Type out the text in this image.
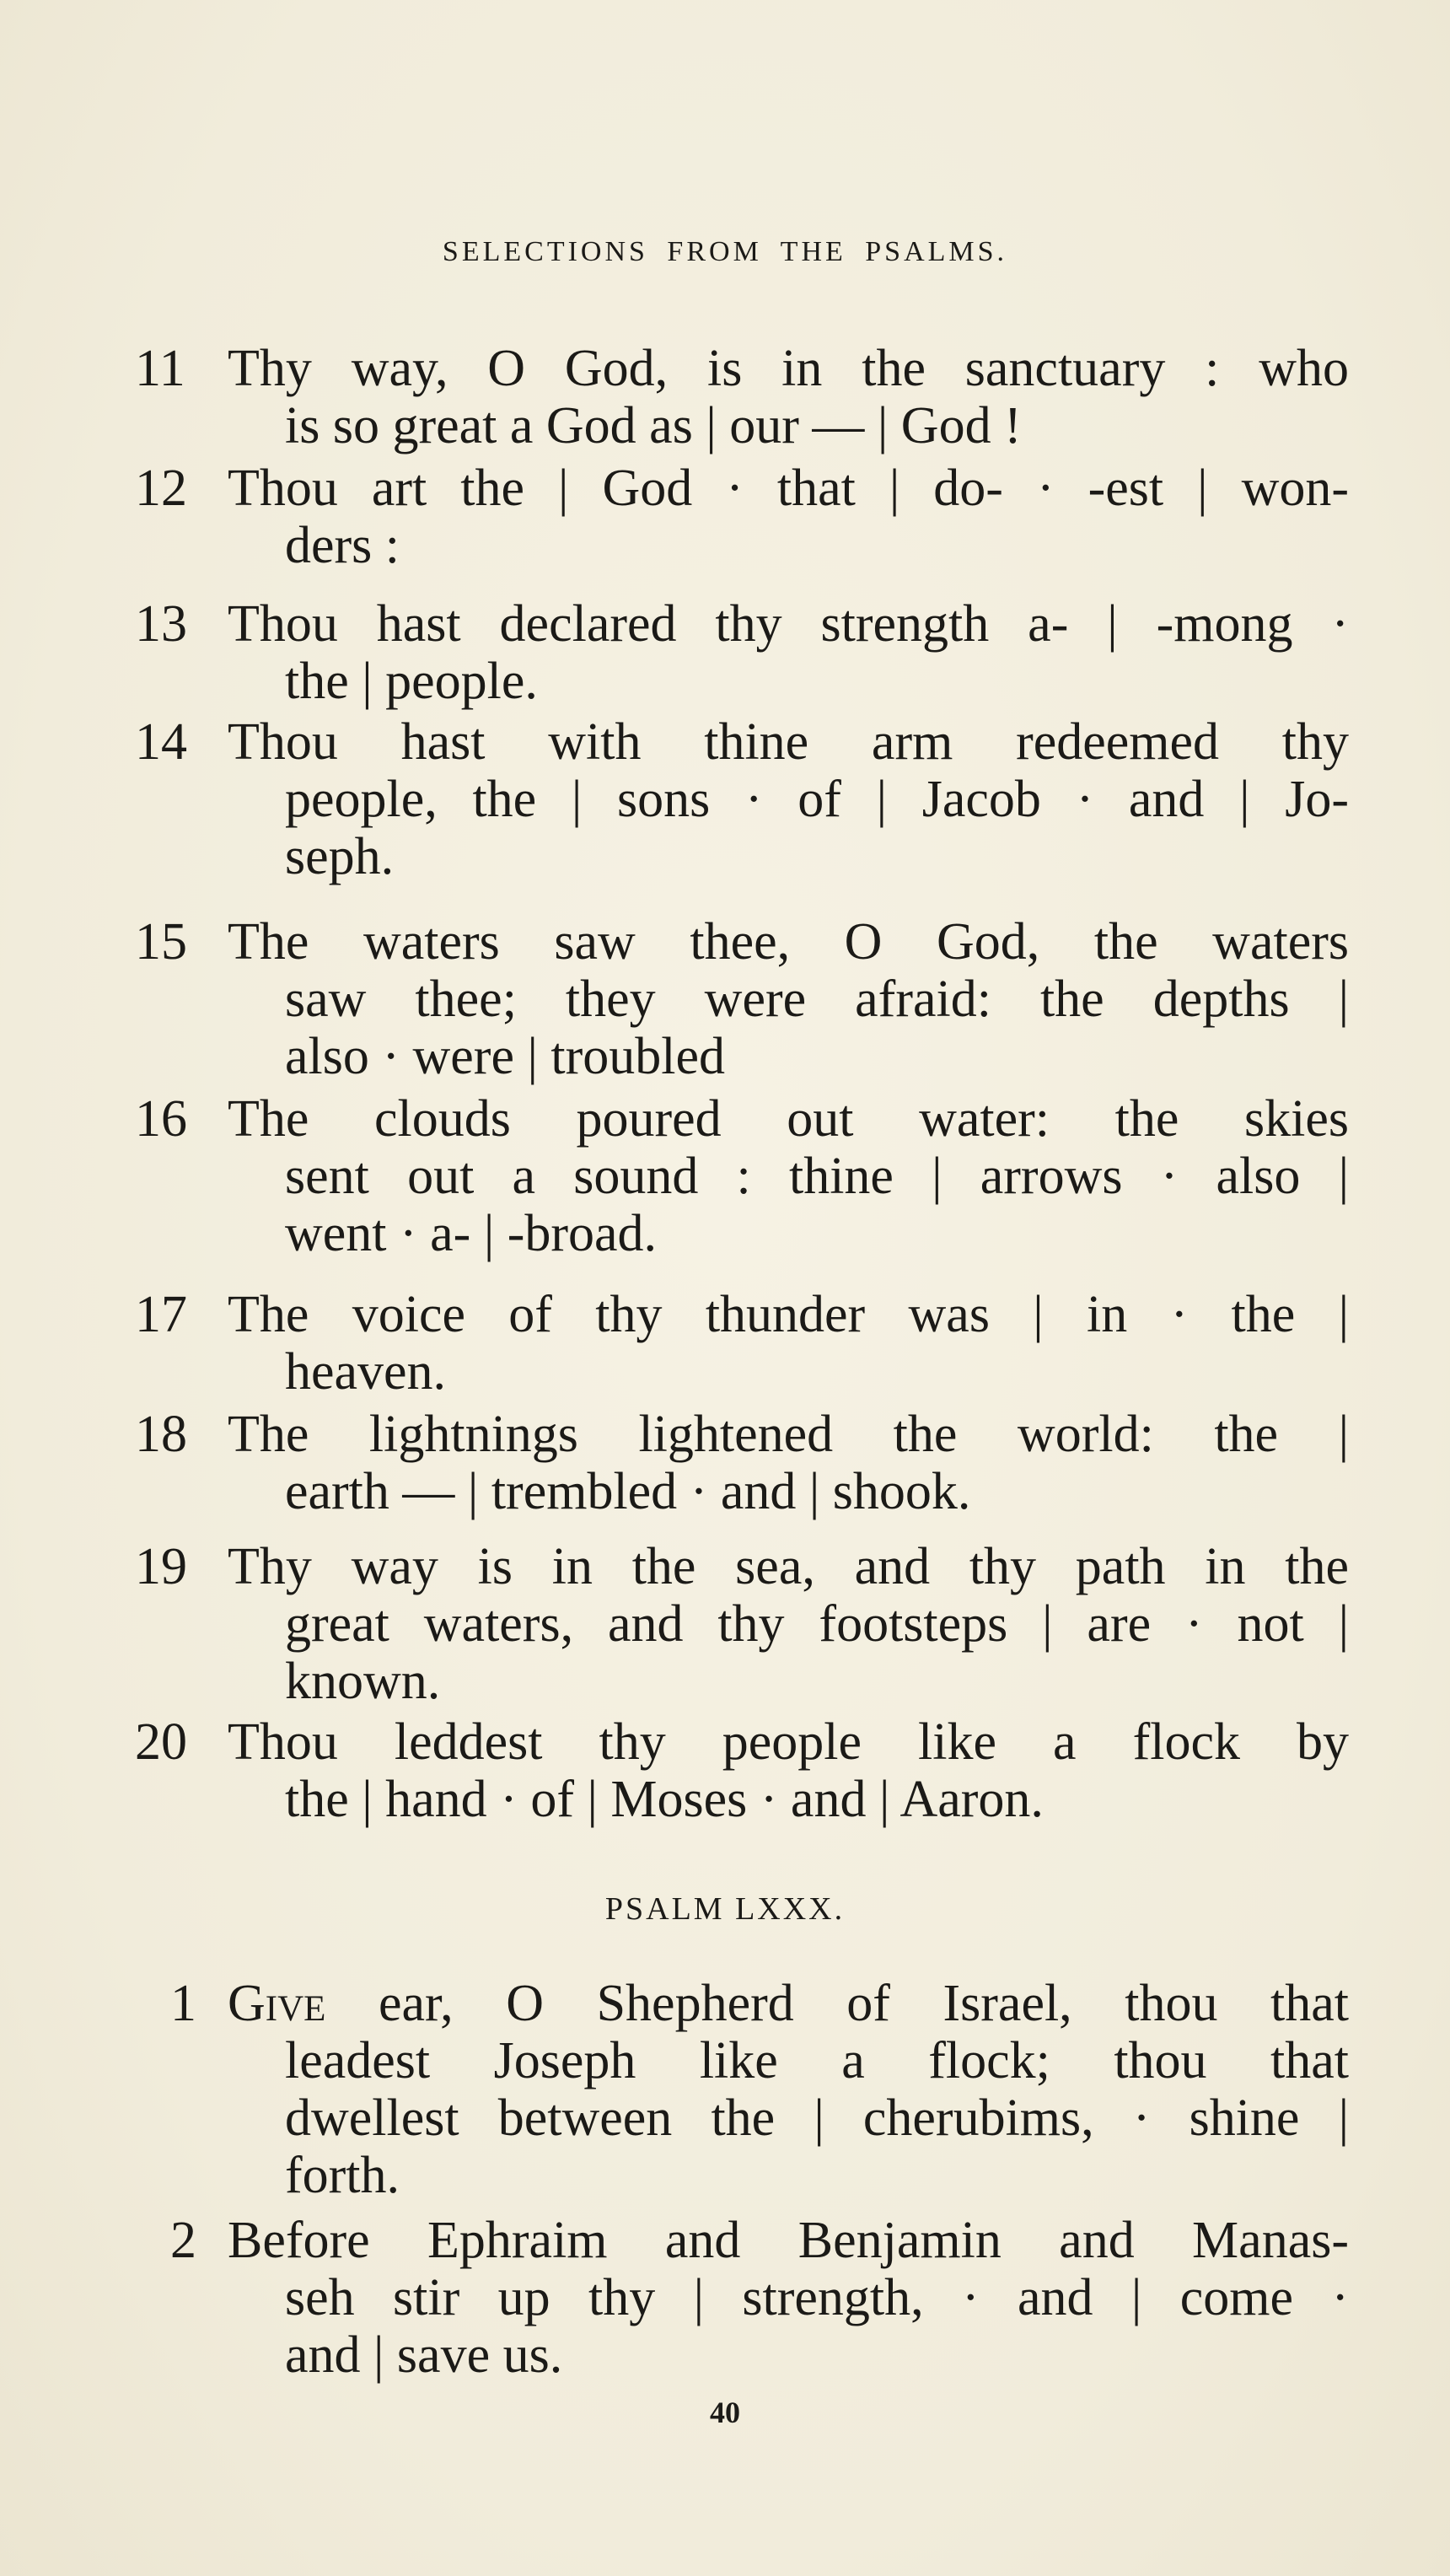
SELECTIONS FROM THE PSALMS.
11 Thy way, O God, is in the sanctuary : who
is so great a God as | our — | God !
12 Thou art the | God · that | do- · -est | won-
ders :
13 Thou hast declared thy strength a- | -mong ·
the | people.
14 Thou hast with thine arm redeemed thy
people, the | sons · of | Jacob · and | Jo-
seph.
15 The waters saw thee, O God, the waters
saw thee; they were afraid: the depths |
also · were | troubled
16 The clouds poured out water: the skies
sent out a sound : thine | arrows · also |
went · a- | -broad.
17 The voice of thy thunder was | in · the |
heaven.
18 The lightnings lightened the world: the |
earth — | trembled · and | shook.
19 Thy way is in the sea, and thy path in the
great waters, and thy footsteps | are · not |
known.
20 Thou leddest thy people like a flock by
the | hand · of | Moses · and | Aaron.
PSALM LXXX.
1 Give ear, O Shepherd of Israel, thou that
leadest Joseph like a flock; thou that
dwellest between the | cherubims, · shine |
forth.
2 Before Ephraim and Benjamin and Manas-
seh stir up thy | strength, · and | come ·
and | save us.
40
